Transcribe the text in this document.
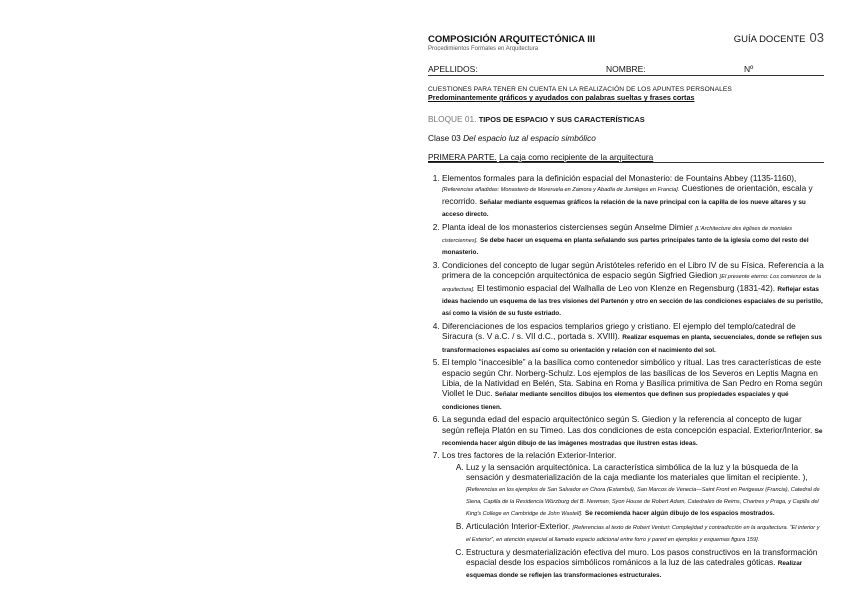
COMPOSICIÓN ARQUITECTÓNICA III	GUÍA DOCENTE 03
Procedimientos Formales en Arquitectura
APELLIDOS:	NOMBRE:	Nº
CUESTIONES PARA TENER EN CUENTA EN LA REALIZACIÓN DE LOS APUNTES PERSONALES
Predominantemente gráficos y ayudados con palabras sueltas y frases cortas
BLOQUE 01. TIPOS DE ESPACIO Y SUS CARACTERÍSTICAS
Clase 03 Del espacio luz al espacio simbólico
PRIMERA PARTE. La caja como recipiente de la arquitectura
1. Elementos formales para la definición espacial del Monasterio: de Fountains Abbey (1135-1160), [Referencias añadidas: Monasterio de Moreruela en Zamora y Abadía de Jumièges en Francia]. Cuestiones de orientación, escala y recorrido. Señalar mediante esquemas gráficos la relación de la nave principal con la capilla de los nueve altares y su acceso directo.
2. Planta ideal de los monasterios cistercienses según Anselme Dimier [L'Architecture des églises de moniales cisterciennes]. Se debe hacer un esquema en planta señalando sus partes principales tanto de la iglesia como del resto del monasterio.
3. Condiciones del concepto de lugar según Aristóteles referido en el Libro IV de su Física. Referencia a la primera de la concepción arquitectónica de espacio según Sigfried Giedion [El presente eterno: Los comienzos de la arquitectura]. El testimonio espacial del Walhalla de Leo von Klenze en Regensburg (1831-42). Reflejar estas ideas haciendo un esquema de las tres visiones del Partenón y otro en sección de las condiciones espaciales de su peristilo, así como la visión de su fuste estriado.
4. Diferenciaciones de los espacios templarios griego y cristiano. El ejemplo del templo/catedral de Siracura (s. V a.C. / s. VII d.C., portada s. XVIII). Realizar esquemas en planta, secuenciales, donde se reflejen sus transformaciones espaciales así como su orientación y relación con el nacimiento del sol.
5. El templo “inaccesible” a la basílica como contenedor simbólico y ritual. Las tres características de este espacio según Chr. Norberg-Schulz. Los ejemplos de las basílicas de los Severos en Leptis Magna en Libia, de la Natividad en Belén, Sta. Sabina en Roma y Basílica primitiva de San Pedro en Roma según Viollet le Duc. Señalar mediante sencillos dibujos los elementos que definen sus propiedades espaciales y qué condiciones tienen.
6. La segunda edad del espacio arquitectónico según S. Giedion y la referencia al concepto de lugar según refleja Platón en su Timeo. Las dos condiciones de esta concepción espacial. Exterior/Interior. Se recomienda hacer algún dibujo de las imágenes mostradas que ilustren estas ideas.
7. Los tres factores de la relación Exterior-Interior.
A. Luz y la sensación arquitectónica. La característica simbólica de la luz y la búsqueda de la sensación y desmaterialización de la caja mediante los materiales que limitan el recipiente. ), [Referencias en los ejemplos de San Salvador en Chora (Estambul), San Marcos de Venecia—Saint Front en Perigeaux (Francia), Catedral de Siena, Capilla de la Residencia Würzburg del B. Newman, Syon House de Robert Adam, Catedrales de Reims, Chartres y Praga, y Capilla del King's College en Cambridge de John Wastell]. Se recomienda hacer algún dibujo de los espacios mostrados.
B. Articulación Interior-Exterior. [Referencias al texto de Robert Venturi: Complejidad y contradicción en la arquitectura. “El interior y el Exterior”, en atención especial al llamado espacio adicional entre forro y pared en ejemplos y esquemas figura 159].
C. Estructura y desmaterialización efectiva del muro. Los pasos constructivos en la transformación espacial desde los espacios simbólicos románicos a la luz de las catedrales góticas. Realizar esquemas donde se reflejen las transformaciones estructurales.
